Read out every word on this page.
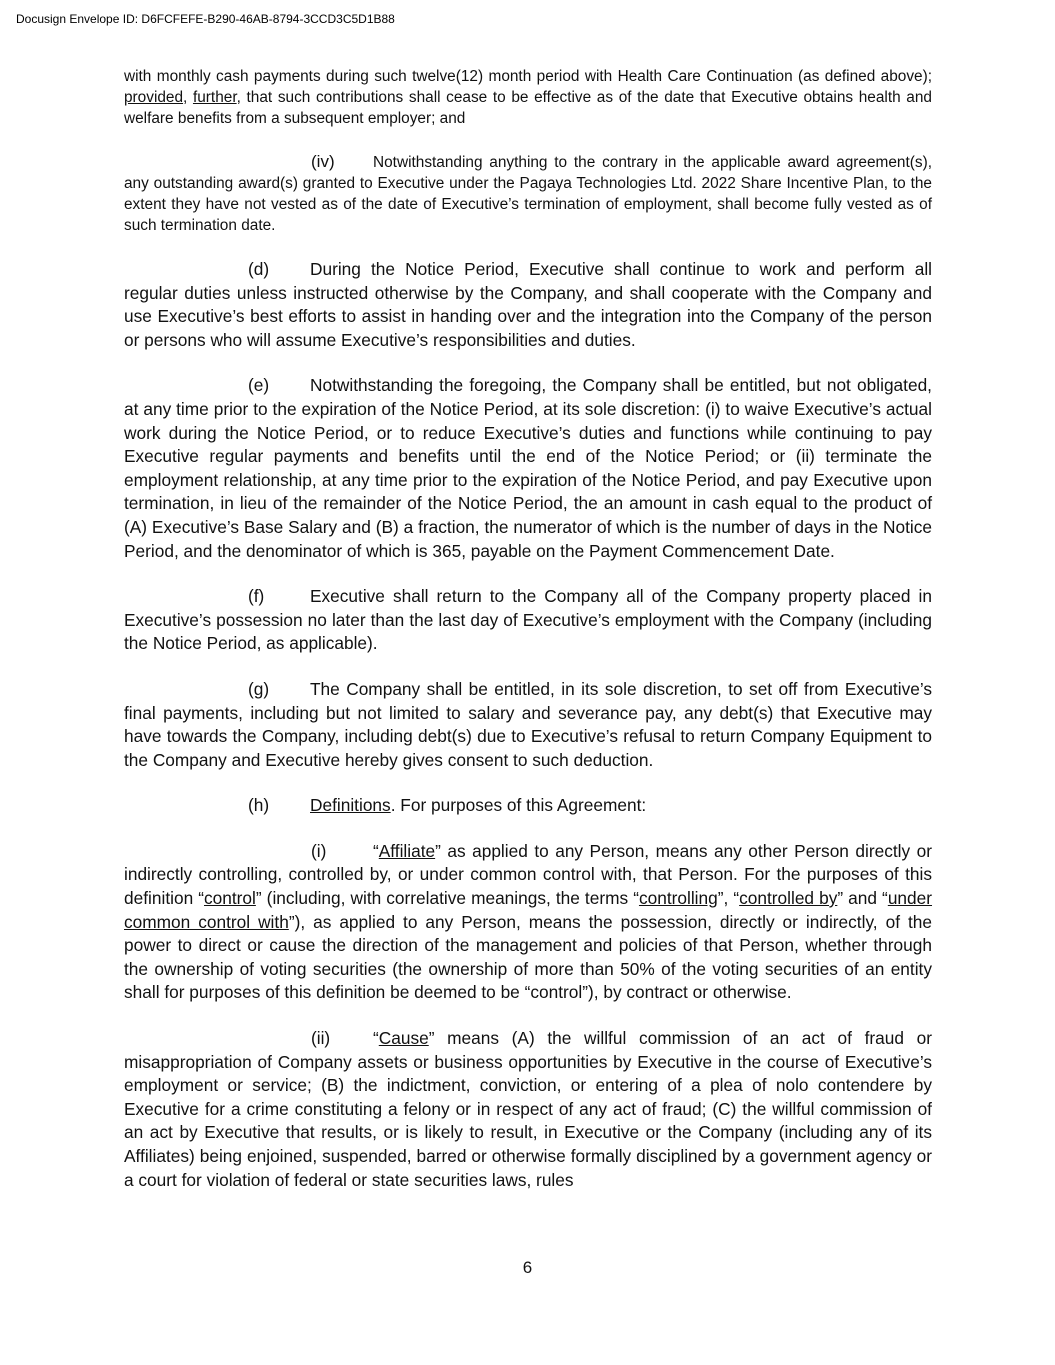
Docusign Envelope ID: D6FCFEFE-B290-46AB-8794-3CCD3C5D1B88

with monthly cash payments during such twelve(12) month period with Health Care Continuation (as defined above); provided, further, that such contributions shall cease to be effective as of the date that Executive obtains health and welfare benefits from a subsequent employer; and

(iv) Notwithstanding anything to the contrary in the applicable award agreement(s), any outstanding award(s) granted to Executive under the Pagaya Technologies Ltd. 2022 Share Incentive Plan, to the extent they have not vested as of the date of Executive’s termination of employment, shall become fully vested as of such termination date.

(d) During the Notice Period, Executive shall continue to work and perform all regular duties unless instructed otherwise by the Company, and shall cooperate with the Company and use Executive’s best efforts to assist in handing over and the integration into the Company of the person or persons who will assume Executive’s responsibilities and duties.

(e) Notwithstanding the foregoing, the Company shall be entitled, but not obligated, at any time prior to the expiration of the Notice Period, at its sole discretion: (i) to waive Executive’s actual work during the Notice Period, or to reduce Executive’s duties and functions while continuing to pay Executive regular payments and benefits until the end of the Notice Period; or (ii) terminate the employment relationship, at any time prior to the expiration of the Notice Period, and pay Executive upon termination, in lieu of the remainder of the Notice Period, the an amount in cash equal to the product of (A) Executive’s Base Salary and (B) a fraction, the numerator of which is the number of days in the Notice Period, and the denominator of which is 365, payable on the Payment Commencement Date.

(f)	Executive shall return to the Company all of the Company property placed in Executive’s possession no later than the last day of Executive’s employment with the Company (including the Notice Period, as applicable).

(g) The Company shall be entitled, in its sole discretion, to set off from Executive’s final payments, including but not limited to salary and severance pay, any debt(s) that Executive may have towards the Company, including debt(s) due to Executive’s refusal to return Company Equipment to the Company and Executive hereby gives consent to such deduction.

(h) Definitions. For purposes of this Agreement:

(i)	“Affiliate” as applied to any Person, means any other Person directly or indirectly controlling, controlled by, or under common control with, that Person. For the purposes of this definition “control” (including, with correlative meanings, the terms “controlling”, “controlled by” and “under common control with”), as applied to any Person, means the possession, directly or indirectly, of the power to direct or cause the direction of the management and policies of that Person, whether through the ownership of voting securities (the ownership of more than 50% of the voting securities of an entity shall for purposes of this definition be deemed to be “control”), by contract or otherwise.

(ii) “Cause” means (A) the willful commission of an act of fraud or misappropriation of Company assets or business opportunities by Executive in the course of Executive’s employment or service; (B) the indictment, conviction, or entering of a plea of nolo contendere by Executive for a crime constituting a felony or in respect of any act of fraud; (C) the willful commission of an act by Executive that results, or is likely to result, in Executive or the Company (including any of its Affiliates) being enjoined, suspended, barred or otherwise formally disciplined by a government agency or a court for violation of federal or state securities laws, rules

6
